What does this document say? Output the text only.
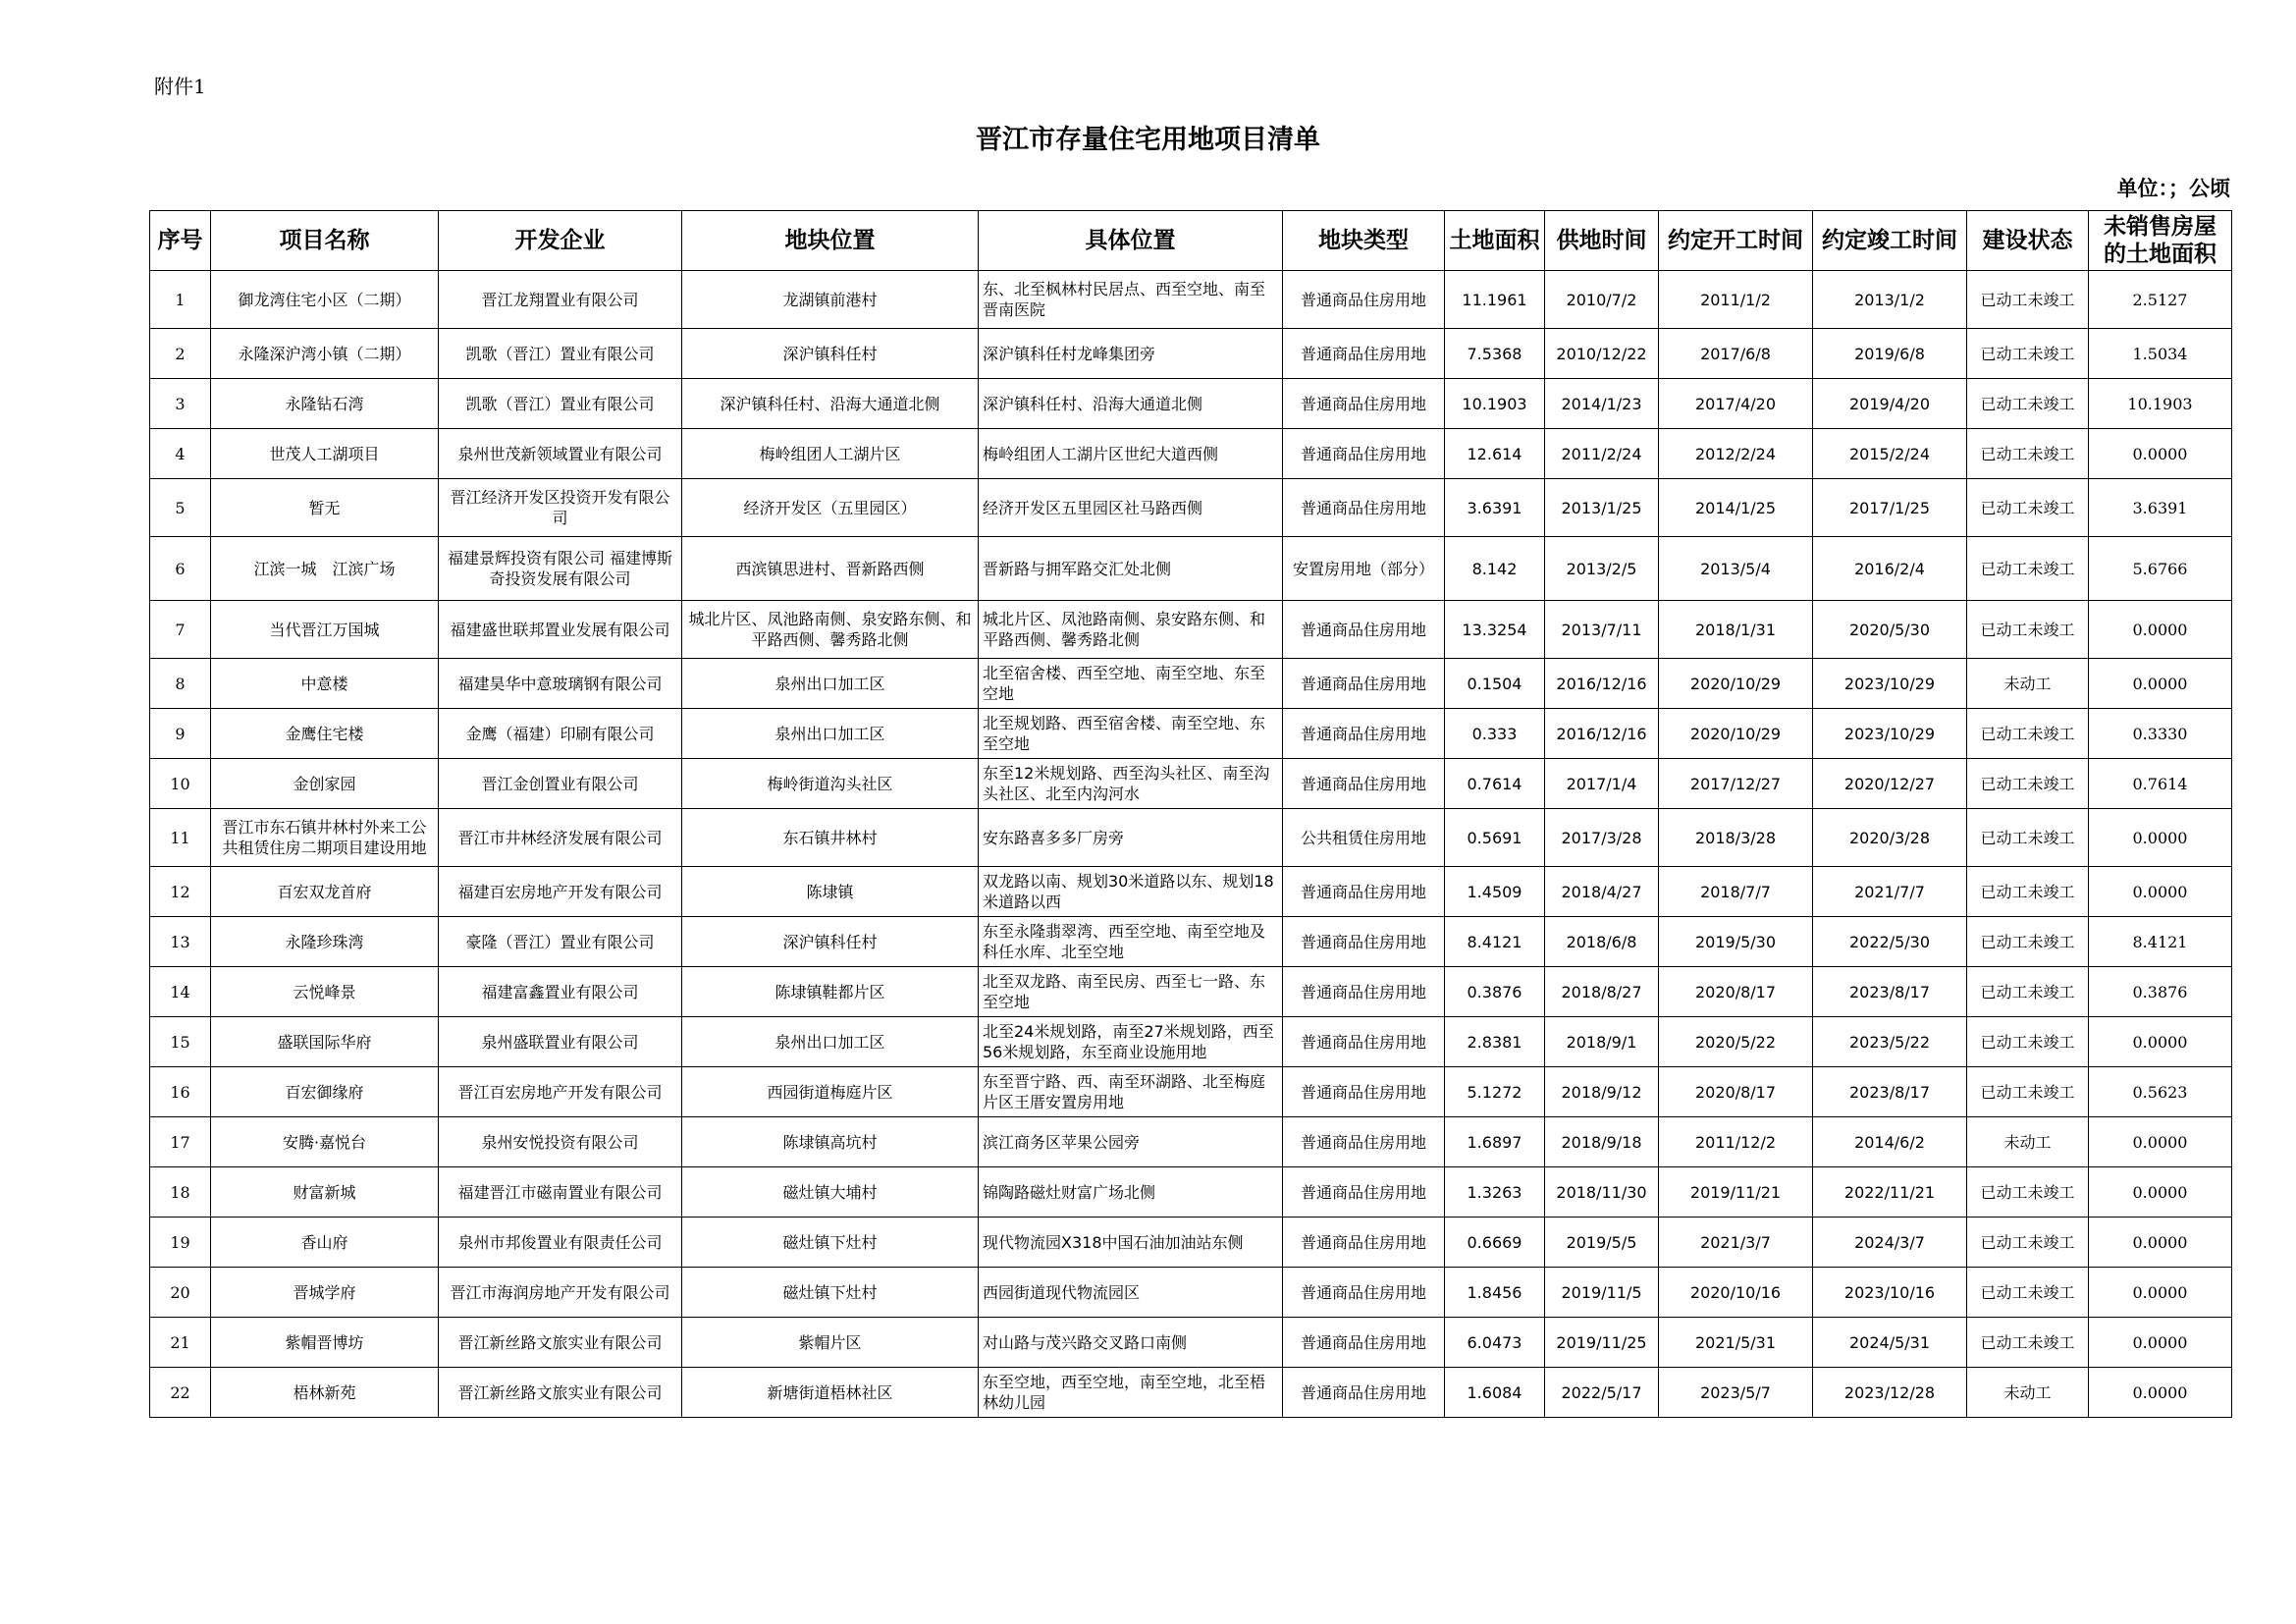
附件1
晋江市存量住宅用地项目清单
单位：；公顷
序号	项目名称	开发企业	地块位置	具体位置	地块类型	土地面积	供地时间	约定开工时间	约定竣工时间	建设状态	未销售房屋的土地面积
1	御龙湾住宅小区（二期）	晋江龙翔置业有限公司	龙湖镇前港村	东、北至枫林村民居点、西至空地、南至晋南医院	普通商品住房用地	11.1961	2010/7/2	2011/1/2	2013/1/2	已动工未竣工	2.5127
2	永隆深沪湾小镇（二期）	凯歌（晋江）置业有限公司	深沪镇科任村	深沪镇科任村龙峰集团旁	普通商品住房用地	7.5368	2010/12/22	2017/6/8	2019/6/8	已动工未竣工	1.5034
3	永隆钻石湾	凯歌（晋江）置业有限公司	深沪镇科任村、沿海大通道北侧	深沪镇科任村、沿海大通道北侧	普通商品住房用地	10.1903	2014/1/23	2017/4/20	2019/4/20	已动工未竣工	10.1903
4	世茂人工湖项目	泉州世茂新领域置业有限公司	梅岭组团人工湖片区	梅岭组团人工湖片区世纪大道西侧	普通商品住房用地	12.614	2011/2/24	2012/2/24	2015/2/24	已动工未竣工	0.0000
5	暂无	晋江经济开发区投资开发有限公司	经济开发区（五里园区）	经济开发区五里园区社马路西侧	普通商品住房用地	3.6391	2013/1/25	2014/1/25	2017/1/25	已动工未竣工	3.6391
6	江滨一城　江滨广场	福建景辉投资有限公司 福建博斯奇投资发展有限公司	西滨镇思进村、晋新路西侧	晋新路与拥军路交汇处北侧	安置房用地（部分）	8.142	2013/2/5	2013/5/4	2016/2/4	已动工未竣工	5.6766
7	当代晋江万国城	福建盛世联邦置业发展有限公司	城北片区、凤池路南侧、泉安路东侧、和平路西侧、馨秀路北侧	城北片区、凤池路南侧、泉安路东侧、和平路西侧、馨秀路北侧	普通商品住房用地	13.3254	2013/7/11	2018/1/31	2020/5/30	已动工未竣工	0.0000
8	中意楼	福建昊华中意玻璃钢有限公司	泉州出口加工区	北至宿舍楼、西至空地、南至空地、东至空地	普通商品住房用地	0.1504	2016/12/16	2020/10/29	2023/10/29	未动工	0.0000
9	金鹰住宅楼	金鹰（福建）印刷有限公司	泉州出口加工区	北至规划路、西至宿舍楼、南至空地、东至空地	普通商品住房用地	0.333	2016/12/16	2020/10/29	2023/10/29	已动工未竣工	0.3330
10	金创家园	晋江金创置业有限公司	梅岭街道沟头社区	东至12米规划路、西至沟头社区、南至沟头社区、北至内沟河水	普通商品住房用地	0.7614	2017/1/4	2017/12/27	2020/12/27	已动工未竣工	0.7614
11	晋江市东石镇井林村外来工公共租赁住房二期项目建设用地	晋江市井林经济发展有限公司	东石镇井林村	安东路喜多多厂房旁	公共租赁住房用地	0.5691	2017/3/28	2018/3/28	2020/3/28	已动工未竣工	0.0000
12	百宏双龙首府	福建百宏房地产开发有限公司	陈埭镇	双龙路以南、规划30米道路以东、规划18米道路以西	普通商品住房用地	1.4509	2018/4/27	2018/7/7	2021/7/7	已动工未竣工	0.0000
13	永隆珍珠湾	豪隆（晋江）置业有限公司	深沪镇科任村	东至永隆翡翠湾、西至空地、南至空地及科任水库、北至空地	普通商品住房用地	8.4121	2018/6/8	2019/5/30	2022/5/30	已动工未竣工	8.4121
14	云悦峰景	福建富鑫置业有限公司	陈埭镇鞋都片区	北至双龙路、南至民房、西至七一路、东至空地	普通商品住房用地	0.3876	2018/8/27	2020/8/17	2023/8/17	已动工未竣工	0.3876
15	盛联国际华府	泉州盛联置业有限公司	泉州出口加工区	北至24米规划路，南至27米规划路，西至56米规划路，东至商业设施用地	普通商品住房用地	2.8381	2018/9/1	2020/5/22	2023/5/22	已动工未竣工	0.0000
16	百宏御缘府	晋江百宏房地产开发有限公司	西园街道梅庭片区	东至晋宁路、西、南至环湖路、北至梅庭片区王厝安置房用地	普通商品住房用地	5.1272	2018/9/12	2020/8/17	2023/8/17	已动工未竣工	0.5623
17	安腾·嘉悦台	泉州安悦投资有限公司	陈埭镇高坑村	滨江商务区苹果公园旁	普通商品住房用地	1.6897	2018/9/18	2011/12/2	2014/6/2	未动工	0.0000
18	财富新城	福建晋江市磁南置业有限公司	磁灶镇大埔村	锦陶路磁灶财富广场北侧	普通商品住房用地	1.3263	2018/11/30	2019/11/21	2022/11/21	已动工未竣工	0.0000
19	香山府	泉州市邦俊置业有限责任公司	磁灶镇下灶村	现代物流园X318中国石油加油站东侧	普通商品住房用地	0.6669	2019/5/5	2021/3/7	2024/3/7	已动工未竣工	0.0000
20	晋城学府	晋江市海润房地产开发有限公司	磁灶镇下灶村	西园街道现代物流园区	普通商品住房用地	1.8456	2019/11/5	2020/10/16	2023/10/16	已动工未竣工	0.0000
21	紫帽晋博坊	晋江新丝路文旅实业有限公司	紫帽片区	对山路与茂兴路交叉路口南侧	普通商品住房用地	6.0473	2019/11/25	2021/5/31	2024/5/31	已动工未竣工	0.0000
22	梧林新苑	晋江新丝路文旅实业有限公司	新塘街道梧林社区	东至空地，西至空地，南至空地，北至梧林幼儿园	普通商品住房用地	1.6084	2022/5/17	2023/5/7	2023/12/28	未动工	0.0000
